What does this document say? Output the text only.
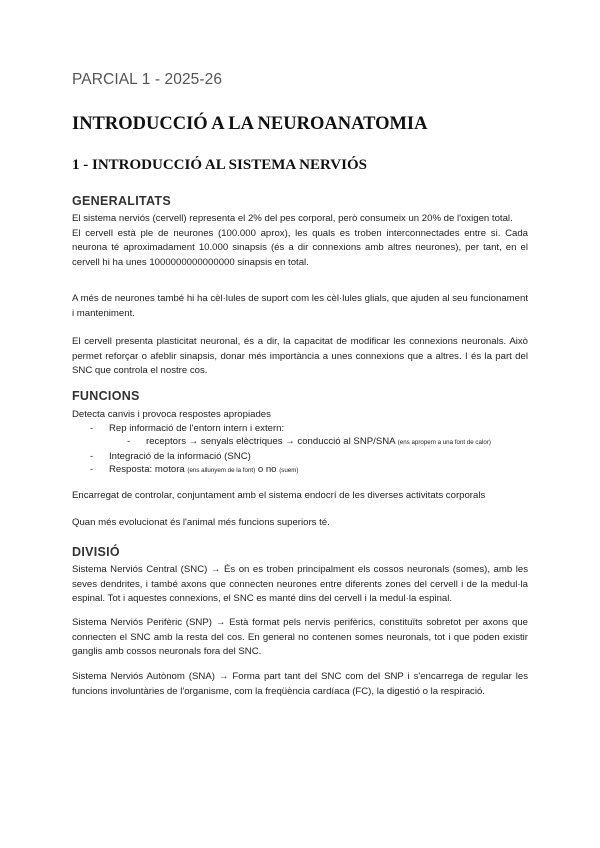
PARCIAL 1 - 2025-26
INTRODUCCIÓ A LA NEUROANATOMIA
1 - INTRODUCCIÓ AL SISTEMA NERVIÓS
GENERALITATS

El sistema nerviós (cervell) representa el 2% del pes corporal, però consumeix un 20% de l'oxigen total.

El cervell està ple de neurones (100.000 aprox), les quals es troben interconnectades entre si. Cada neurona té aproximadament 10.000 sinapsis (és a dir connexions amb altres neurones), per tant, en el cervell hi ha unes 1000000000000000 sinapsis en total.

A més de neurones també hi ha cèl·lules de suport com les cèl·lules glials, que ajuden al seu funcionament i manteniment.

El cervell presenta plasticitat neuronal, és a dir, la capacitat de modificar les connexions neuronals. Això permet reforçar o afeblir sinapsis, donar més importància a unes connexions que a altres. I és la part del SNC que controla el nostre cos.

FUNCIONS
Detecta canvis i provoca respostes apropiades
- Rep informació de l'entorn intern i extern:
- receptors → senyals elèctriques → conducció al SNP/SNA (ens apropem a una font de calor)
- Integració de la informació (SNC)
- Resposta: motora (ens allunyem de la font) o no (suem)

Encarregat de controlar, conjuntament amb el sistema endocrí de les diverses activitats corporals

Quan més evolucionat és l'animal més funcions superiors té.

DIVISIÓ

Sistema Nerviós Central (SNC) → És on es troben principalment els cossos neuronals (somes), amb les seves dendrites, i també axons que connecten neurones entre diferents zones del cervell i de la medul·la espinal. Tot i aquestes connexions, el SNC es manté dins del cervell i la medul·la espinal.

Sistema Nerviós Perifèric (SNP) → Està format pels nervis perifèrics, constituïts sobretot per axons que connecten el SNC amb la resta del cos. En general no contenen somes neuronals, tot i que poden existir ganglis amb cossos neuronals fora del SNC.

Sistema Nerviós Autònom (SNA) → Forma part tant del SNC com del SNP i s'encarrega de regular les funcions involuntàries de l'organisme, com la freqüència cardíaca (FC), la digestió o la respiració.
